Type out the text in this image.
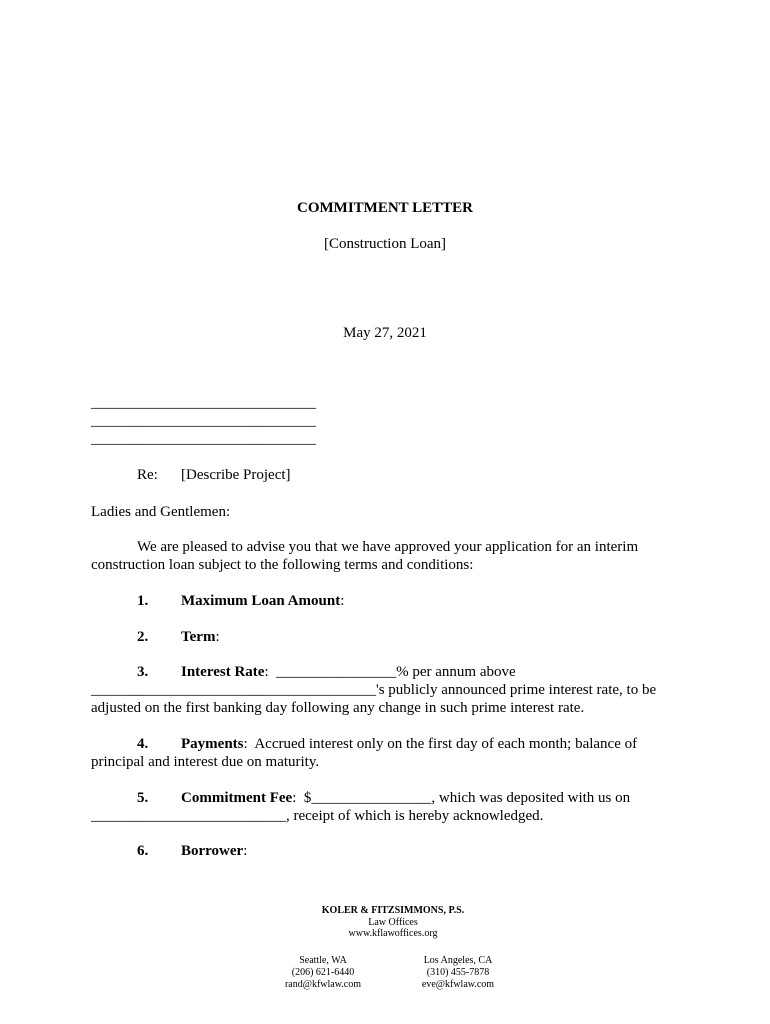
COMMITMENT LETTER
[Construction Loan]
May 27, 2021
______________________________
______________________________
______________________________
Re: [Describe Project]
Ladies and Gentlemen:
We are pleased to advise you that we have approved your application for an interim
construction loan subject to the following terms and conditions:
1. Maximum Loan Amount:
2. Term:
3. Interest Rate:  ________________% per annum above
______________________________________'s publicly announced prime interest rate, to be
adjusted on the first banking day following any change in such prime interest rate.
4. Payments:  Accrued interest only on the first day of each month; balance of
principal and interest due on maturity.
5. Commitment Fee:  $________________, which was deposited with us on
__________________________, receipt of which is hereby acknowledged.
6. Borrower:
KOLER & FITZSIMMONS, P.S.
Law Offices
www.kflawoffices.org
Seattle, WA
(206) 621-6440
rand@kfwlaw.com
Los Angeles, CA
(310) 455-7878
eve@kfwlaw.com
